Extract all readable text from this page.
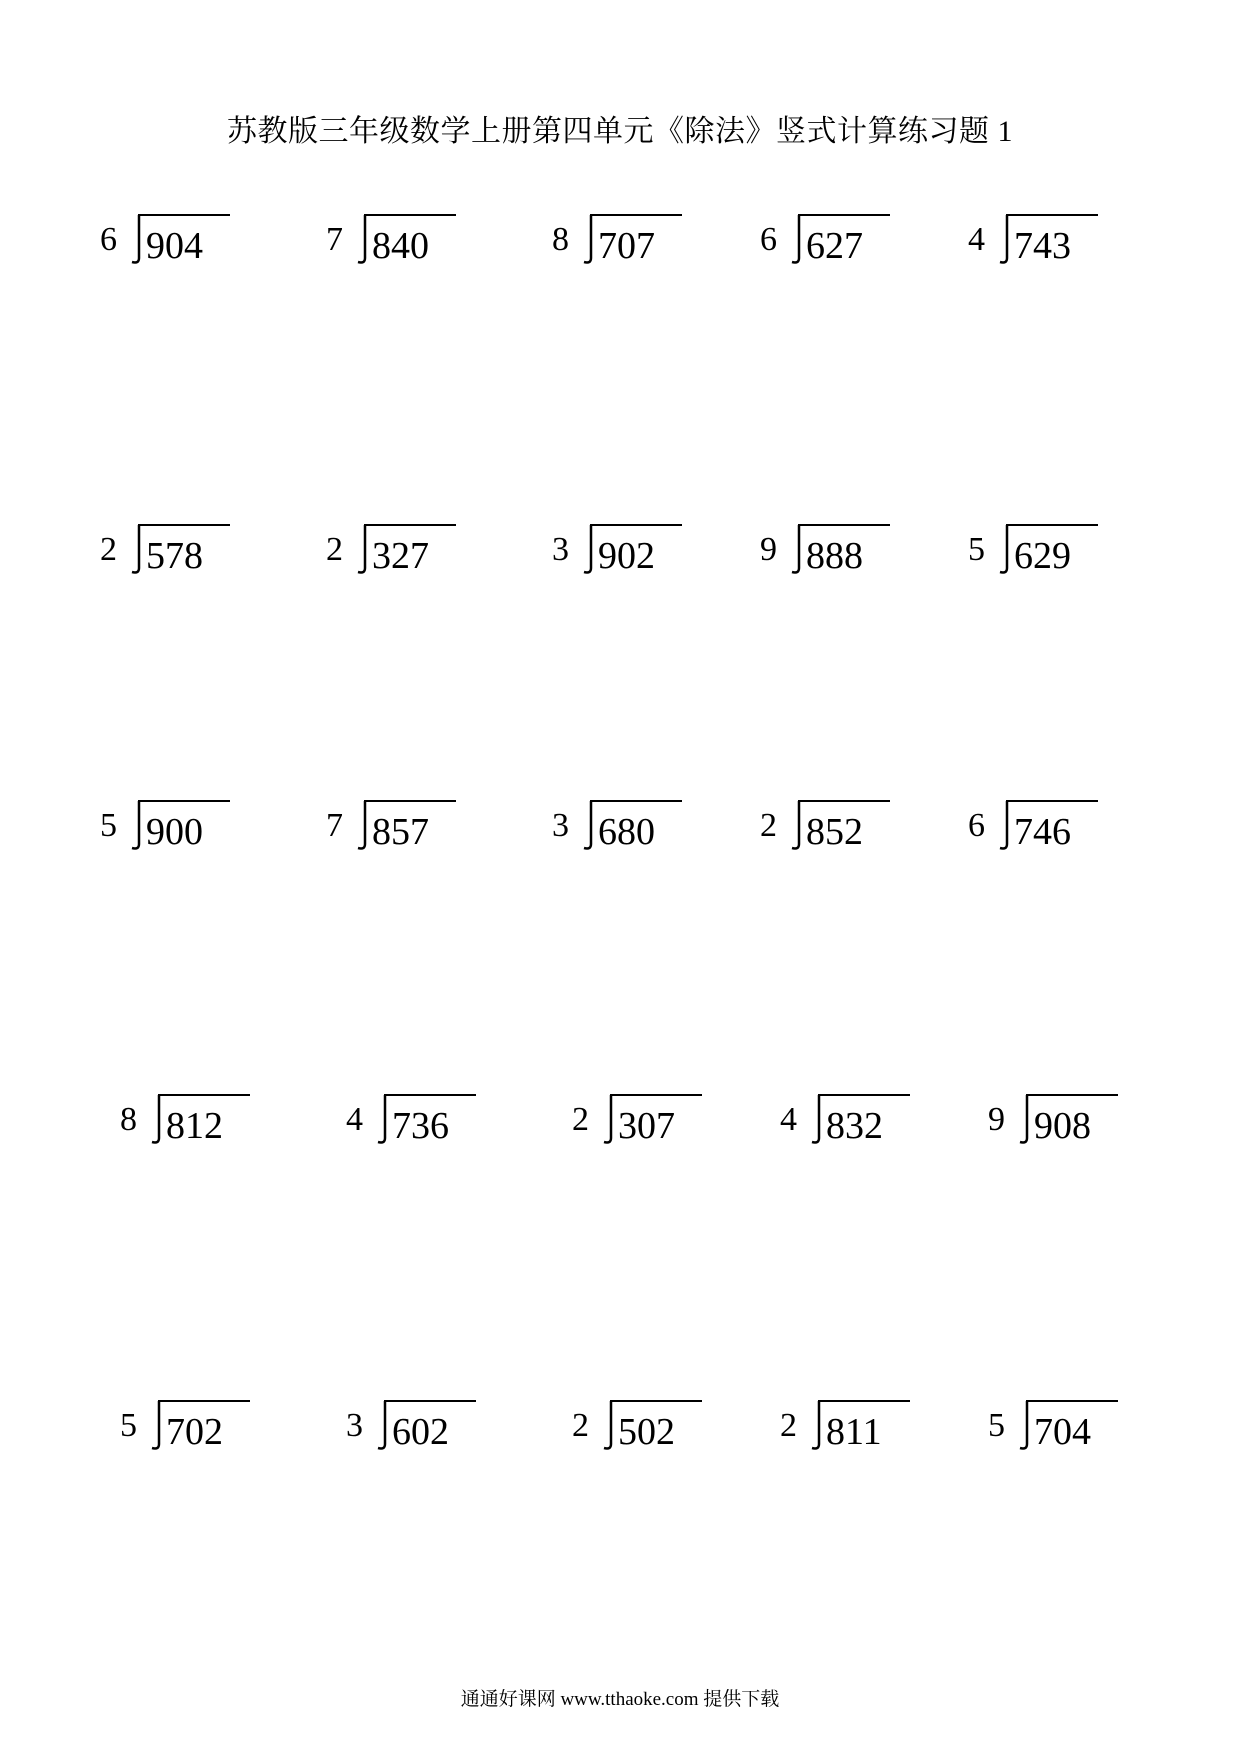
苏教版三年级数学上册第四单元《除法》竖式计算练习题 1
6 904	7 840	8 707	6 627	4 743
2 578	2 327	3 902	9 888	5 629
5 900	7 857	3 680	2 852	6 746
8 812	4 736	2 307	4 832	9 908
5 702	3 602	2 502	2 811	5 704
通通好课网 www.tthaoke.com 提供下载
